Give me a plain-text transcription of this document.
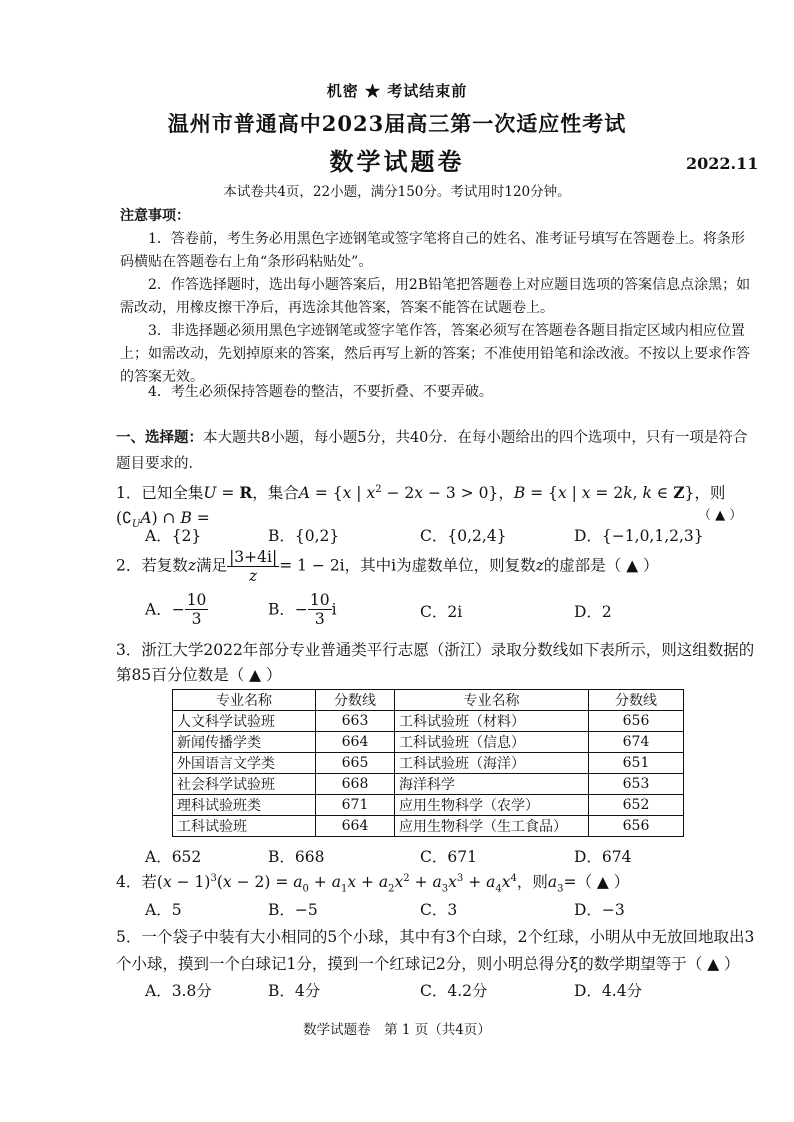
机密 ★ 考试结束前
温州市普通高中2023届高三第一次适应性考试
数学试题卷	2022.11
本试卷共4页，22小题，满分150分。考试用时120分钟。
注意事项：
1．答卷前，考生务必用黑色字迹钢笔或签字笔将自己的姓名、准考证号填写在答题卷上。将条形码横贴在答题卷右上角“条形码粘贴处”。
2．作答选择题时，选出每小题答案后，用2B铅笔把答题卷上对应题目选项的答案信息点涂黑；如需改动，用橡皮擦干净后，再选涂其他答案，答案不能答在试题卷上。
3．非选择题必须用黑色字迹钢笔或签字笔作答，答案必须写在答题卷各题目指定区域内相应位置上；如需改动，先划掉原来的答案，然后再写上新的答案；不准使用铅笔和涂改液。不按以上要求作答的答案无效。
4．考生必须保持答题卷的整洁，不要折叠、不要弄破。
一、选择题：本大题共8小题，每小题5分，共40分．在每小题给出的四个选项中，只有一项是符合题目要求的．
1．已知全集U = R，集合A = {x | $x^2 - 2x - 3 > 0$}，B = {x | x = 2k, k ∈ Z}，则$(∁_UA)$ ∩ B =	（ ▲ ）
A．{2}	B．{0,2}	C．{0,2,4}	D．{−1,0,1,2,3}
2．若复数z满足 $\frac{|3+4i|}{z} = 1 - 2i$，其中i为虚数单位，则复数z的虚部是（ ▲ ）
A．− $\frac{10}{3}$	B．− $\frac{10}{3}$ i	C．2i	D．2
3．浙江大学2022年部分专业普通类平行志愿（浙江）录取分数线如下表所示，则这组数据的第85百分位数是（ ▲ ）
专业名称	分数线	专业名称	分数线
人文科学试验班	663	工科试验班（材料）	656
新闻传播学类	664	工科试验班（信息）	674
外国语言文学类	665	工科试验班（海洋）	651
社会科学试验班	668	海洋科学	653
理科试验班类	671	应用生物科学（农学）	652
工科试验班	664	应用生物科学（生工食品）	656
A．652	B．668	C．671	D．674
4．若$(x - 1)^3(x - 2) = a_0 + a_1x + a_2x^2 + a_3x^3 + a_4x^4$，则$a_3=$（ ▲ ）
A．5	B．−5	C．3	D．−3
5．一个袋子中装有大小相同的5个小球，其中有3个白球，2个红球，小明从中无放回地取出3个小球，摸到一个白球记1分，摸到一个红球记2分，则小明总得分ξ的数学期望等于（ ▲ ）
A．3.8分	B．4分	C．4.2分	D．4.4分
数学试题卷　第 1 页（共4页）
